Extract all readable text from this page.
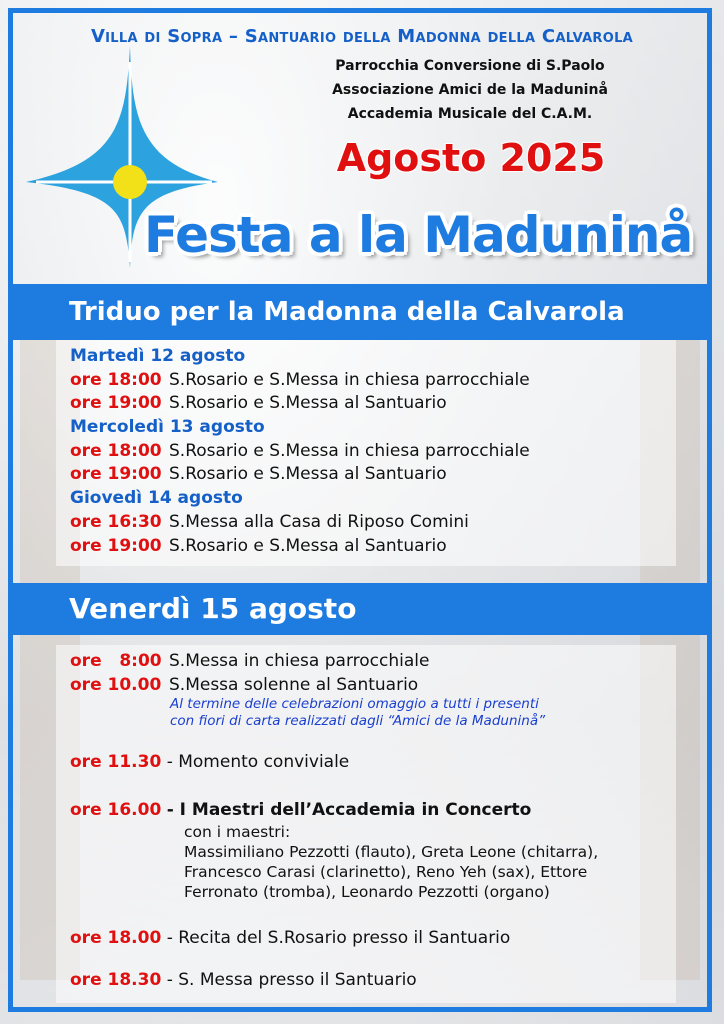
Villa di Sopra – Santuario della Madonna della Calvarola
Parrocchia Conversione di S.Paolo
Associazione Amici de la Maduninå
Accademia Musicale del C.A.M.
Agosto 2025
Festa a la Maduninå
Triduo per la Madonna della Calvarola
Martedì 12 agosto
ore 18:00 S.Rosario e S.Messa in chiesa parrocchiale
ore 19:00 S.Rosario e S.Messa al Santuario
Mercoledì 13 agosto
ore 18:00 S.Rosario e S.Messa in chiesa parrocchiale
ore 19:00 S.Rosario e S.Messa al Santuario
Giovedì 14 agosto
ore 16:30 S.Messa alla Casa di Riposo Comini
ore 19:00 S.Rosario e S.Messa al Santuario
Venerdì 15 agosto
ore   8:00 S.Messa in chiesa parrocchiale
ore 10.00 S.Messa solenne al Santuario
Al termine delle celebrazioni omaggio a tutti i presenti
con fiori di carta realizzati dagli “Amici de la Maduninå”
ore 11.30 - Momento conviviale
ore 16.00 - I Maestri dell’Accademia in Concerto
con i maestri:
Massimiliano Pezzotti (flauto), Greta Leone (chitarra),
Francesco Carasi (clarinetto), Reno Yeh (sax), Ettore
Ferronato (tromba), Leonardo Pezzotti (organo)
ore 18.00 - Recita del S.Rosario presso il Santuario
ore 18.30 - S. Messa presso il Santuario
